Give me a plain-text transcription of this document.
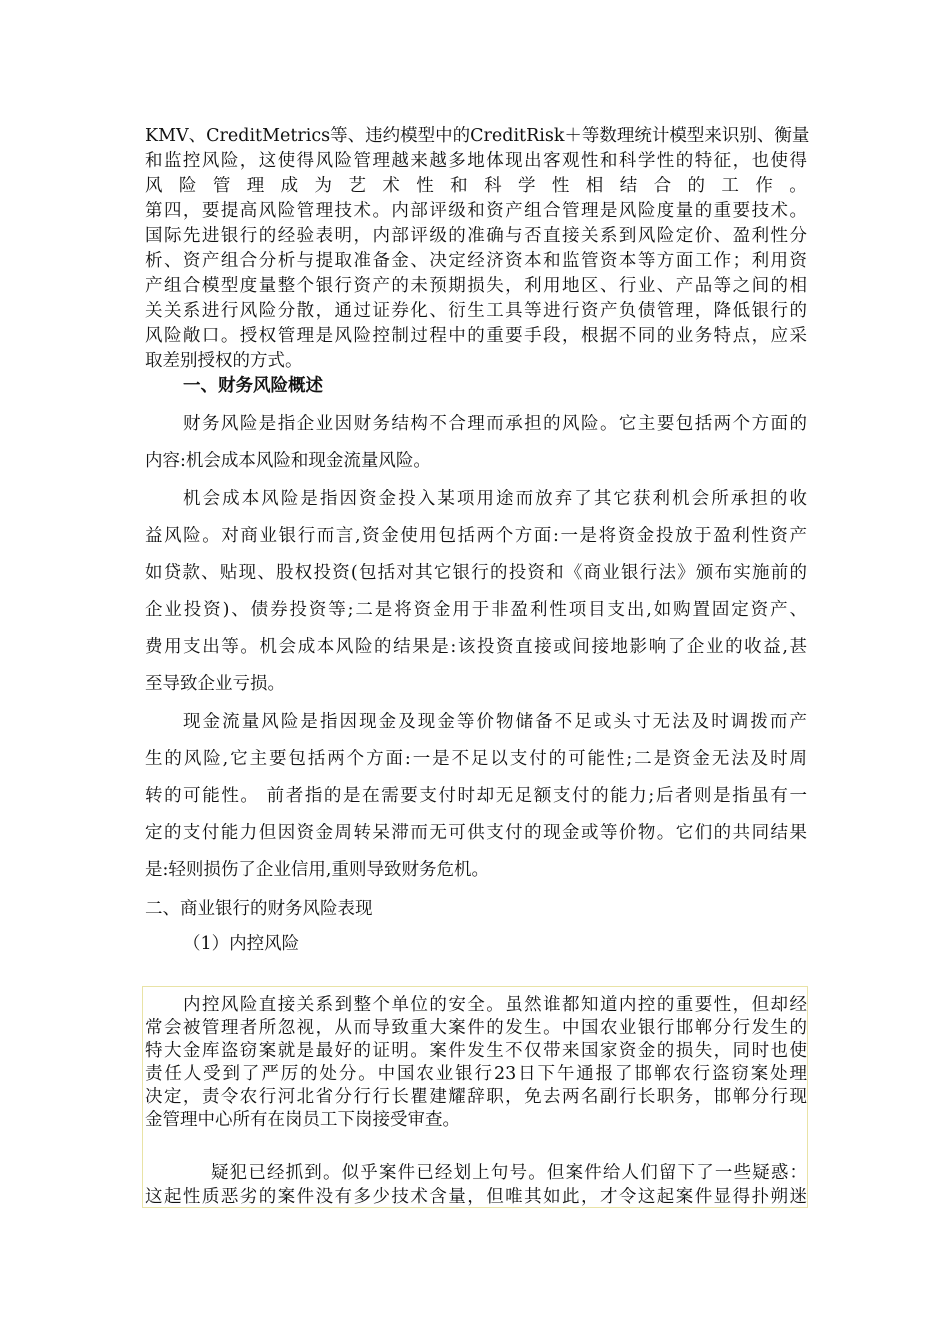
KMV、CreditMetrics等、违约模型中的CreditRisk＋等数理统计模型来识别、衡量
和监控风险，这使得风险管理越来越多地体现出客观性和科学性的特征，也使得
风 险 管 理 成 为 艺 术 性 和 科 学 性 相 结 合 的 工 作 。
第四，要提高风险管理技术。内部评级和资产组合管理是风险度量的重要技术。
国际先进银行的经验表明，内部评级的准确与否直接关系到风险定价、盈利性分
析、资产组合分析与提取准备金、决定经济资本和监管资本等方面工作；利用资
产组合模型度量整个银行资产的未预期损失，利用地区、行业、产品等之间的相
关关系进行风险分散，通过证券化、衍生工具等进行资产负债管理，降低银行的
风险敞口。授权管理是风险控制过程中的重要手段，根据不同的业务特点，应采
取差别授权的方式。
一、财务风险概述
财务风险是指企业因财务结构不合理而承担的风险。它主要包括两个方面的
内容:机会成本风险和现金流量风险。
机会成本风险是指因资金投入某项用途而放弃了其它获利机会所承担的收
益风险。对商业银行而言,资金使用包括两个方面:一是将资金投放于盈利性资产
如贷款、贴现、股权投资(包括对其它银行的投资和《商业银行法》颁布实施前的
企业投资)、债券投资等;二是将资金用于非盈利性项目支出,如购置固定资产、
费用支出等。机会成本风险的结果是:该投资直接或间接地影响了企业的收益,甚
至导致企业亏损。
现金流量风险是指因现金及现金等价物储备不足或头寸无法及时调拨而产
生的风险,它主要包括两个方面:一是不足以支付的可能性;二是资金无法及时周
转的可能性。 前者指的是在需要支付时却无足额支付的能力;后者则是指虽有一
定的支付能力但因资金周转呆滞而无可供支付的现金或等价物。它们的共同结果
是:轻则损伤了企业信用,重则导致财务危机。
二、商业银行的财务风险表现
（1）内控风险
内控风险直接关系到整个单位的安全。虽然谁都知道内控的重要性，但却经
常会被管理者所忽视，从而导致重大案件的发生。中国农业银行邯郸分行发生的
特大金库盗窃案就是最好的证明。案件发生不仅带来国家资金的损失，同时也使
责任人受到了严厉的处分。中国农业银行23日下午通报了邯郸农行盗窃案处理
决定，责令农行河北省分行行长瞿建耀辞职，免去两名副行长职务，邯郸分行现
金管理中心所有在岗员工下岗接受审查。
疑犯已经抓到。似乎案件已经划上句号。但案件给人们留下了一些疑惑：
这起性质恶劣的案件没有多少技术含量，但唯其如此，才令这起案件显得扑朔迷
